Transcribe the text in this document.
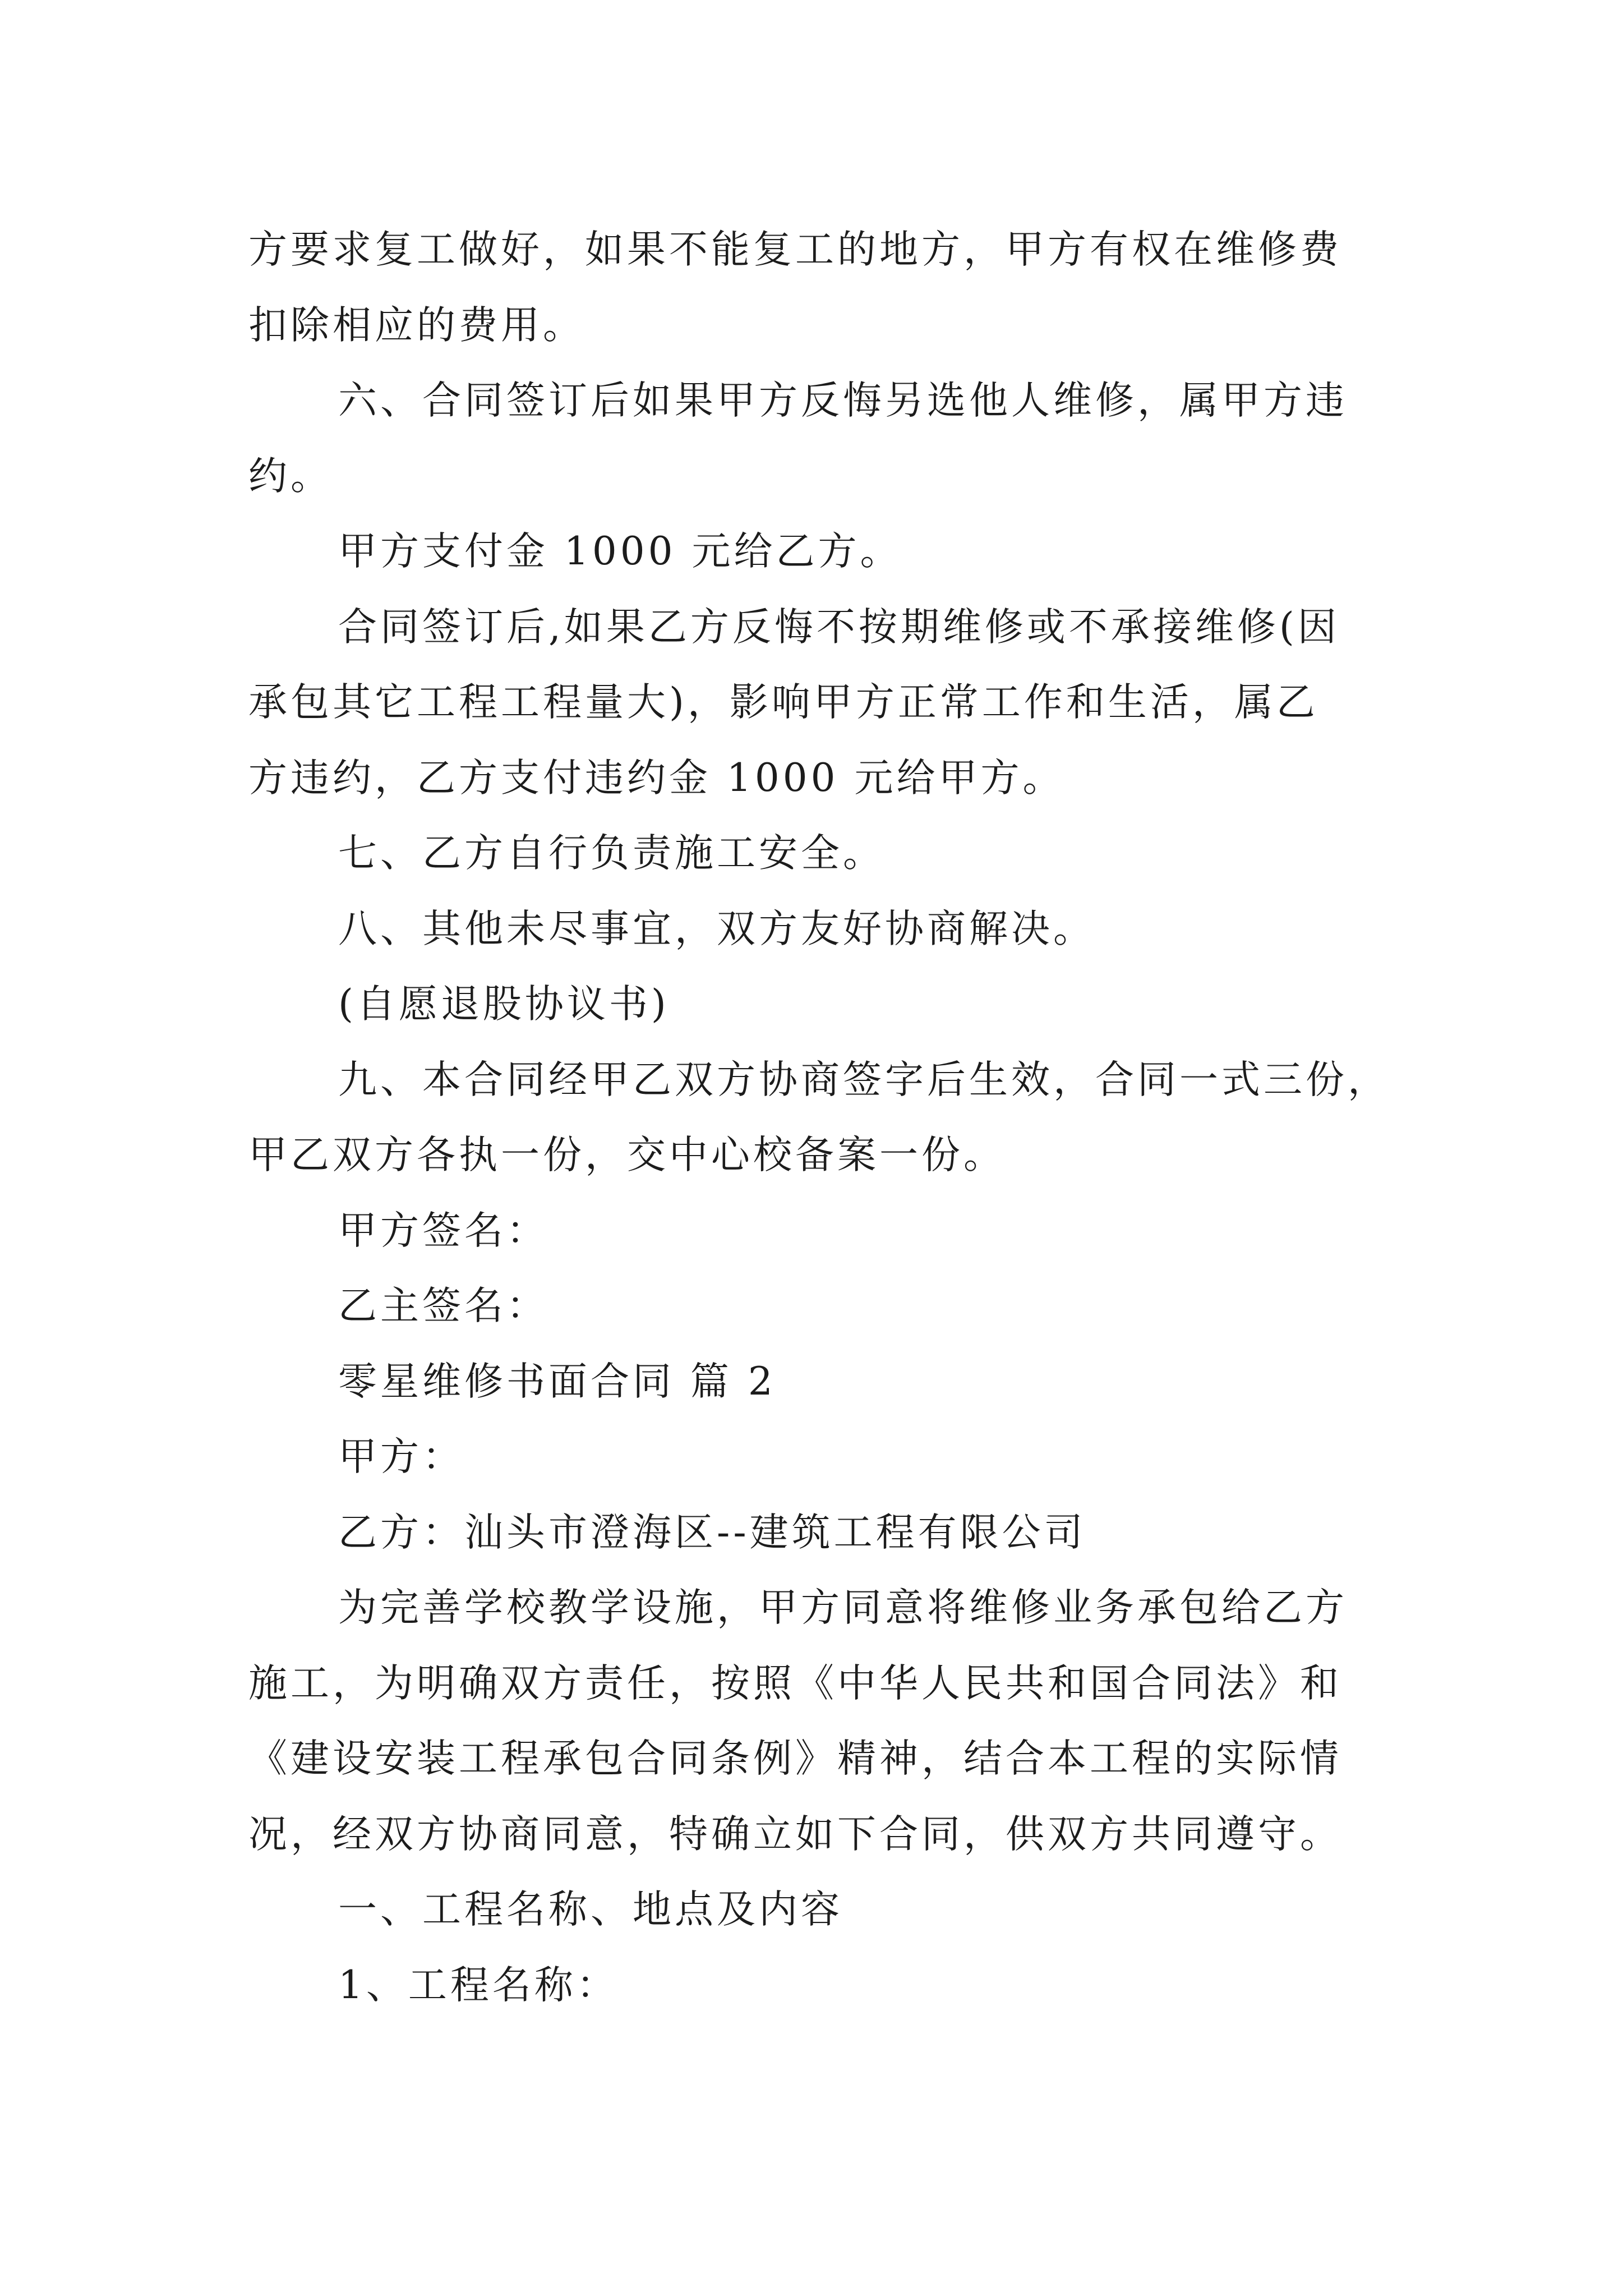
方要求复工做好，如果不能复工的地方，甲方有权在维修费
扣除相应的费用。
六、合同签订后如果甲方反悔另选他人维修，属甲方违
约。
甲方支付金 1000 元给乙方。
合同签订后,如果乙方反悔不按期维修或不承接维修(因
承包其它工程工程量大)，影响甲方正常工作和生活，属乙
方违约，乙方支付违约金 1000 元给甲方。
七、乙方自行负责施工安全。
八、其他未尽事宜，双方友好协商解决。
(自愿退股协议书)
九、本合同经甲乙双方协商签字后生效，合同一式三份，
甲乙双方各执一份，交中心校备案一份。
甲方签名：
乙主签名：
零星维修书面合同 篇 2
甲方：
乙方：汕头市澄海区--建筑工程有限公司
为完善学校教学设施，甲方同意将维修业务承包给乙方
施工，为明确双方责任，按照《中华人民共和国合同法》和
《建设安装工程承包合同条例》精神，结合本工程的实际情
况，经双方协商同意，特确立如下合同，供双方共同遵守。
一、工程名称、地点及内容
1、工程名称：
